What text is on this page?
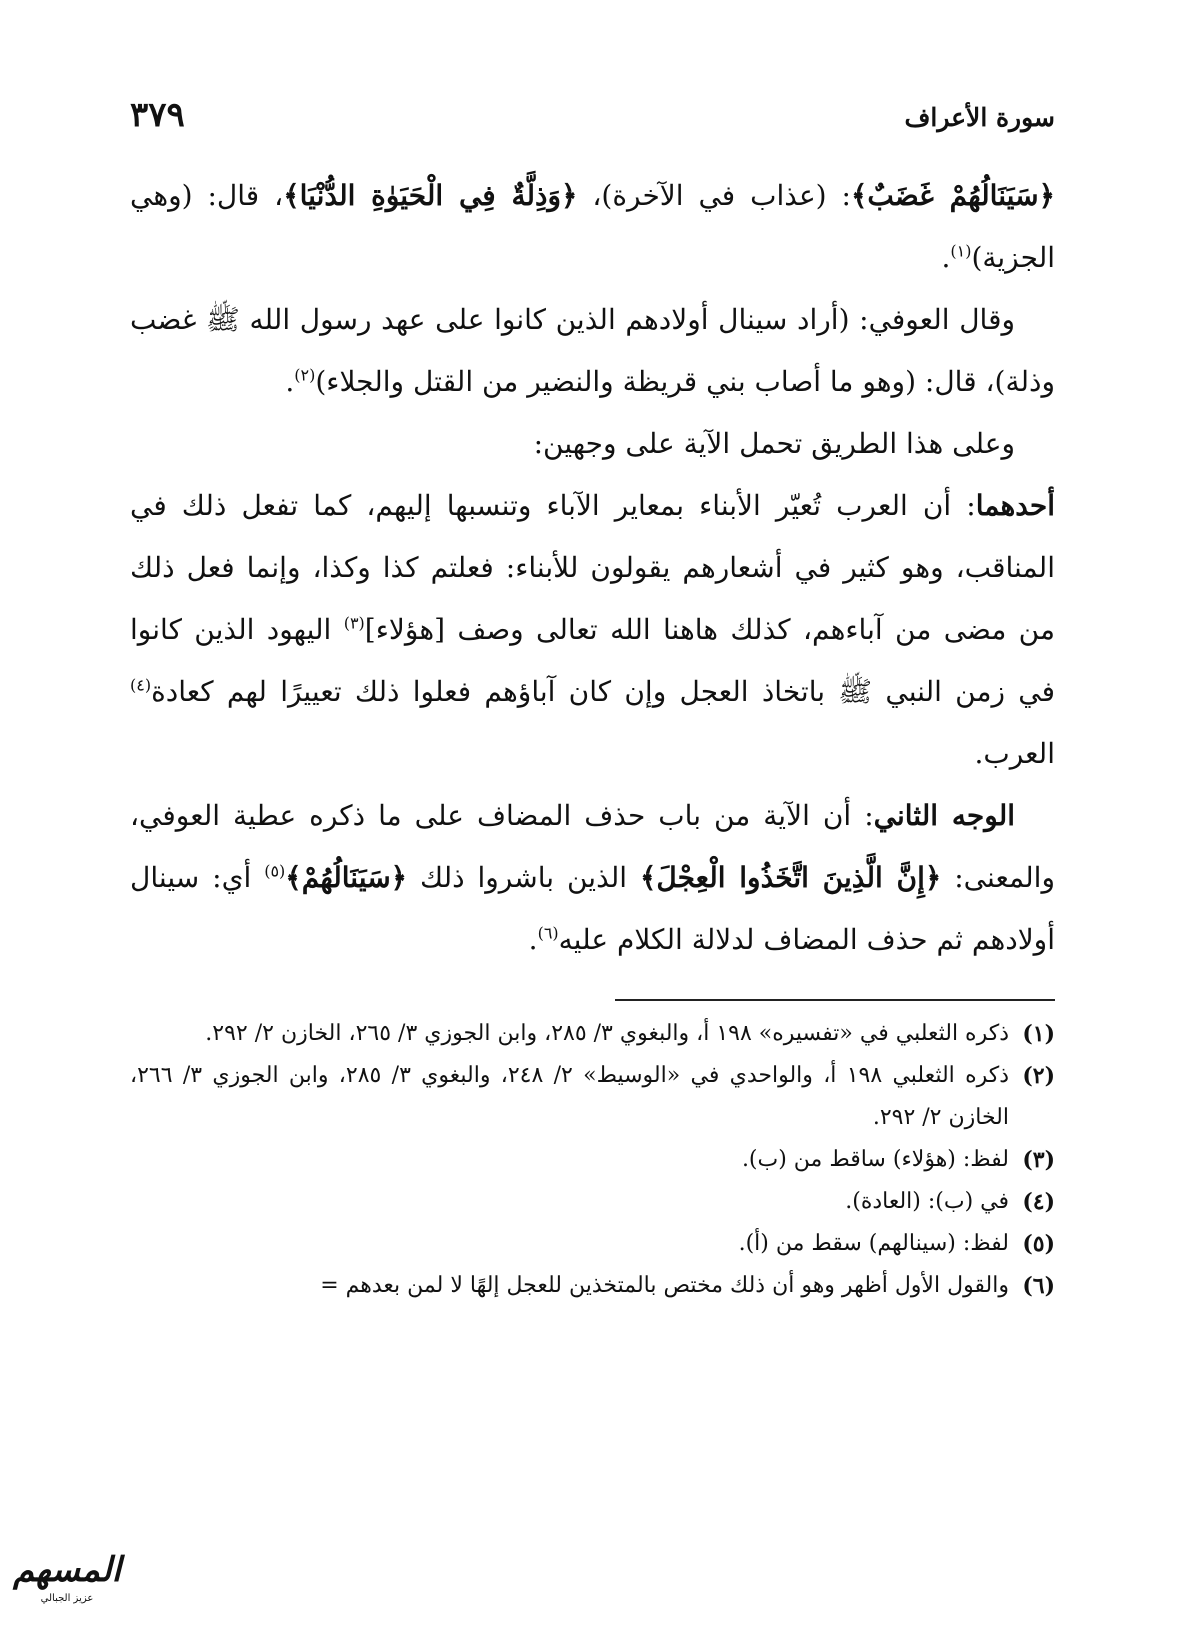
سورة الأعراف
٣٧٩

﴿سَيَنَالُهُمْ غَضَبٌ﴾: (عذاب في الآخرة)، ﴿وَذِلَّةٌ فِي الْحَيَوٰةِ الدُّنْيَا﴾، قال: (وهي الجزية)$^{(١)}$.

وقال العوفي: (أراد سينال أولادهم الذين كانوا على عهد رسول الله ﷺ غضب وذلة)، قال: (وهو ما أصاب بني قريظة والنضير من القتل والجلاء)$^{(٢)}$.

وعلى هذا الطريق تحمل الآية على وجهين:

أحدهما: أن العرب تُعيّر الأبناء بمعاير الآباء وتنسبها إليهم، كما تفعل ذلك في المناقب، وهو كثير في أشعارهم يقولون للأبناء: فعلتم كذا وكذا، وإنما فعل ذلك من مضى من آباءهم، كذلك هاهنا الله تعالى وصف [هؤلاء]$^{(٣)}$ اليهود الذين كانوا في زمن النبي ﷺ باتخاذ العجل وإن كان آباؤهم فعلوا ذلك تعييرًا لهم كعادة$^{(٤)}$ العرب.

الوجه الثاني: أن الآية من باب حذف المضاف على ما ذكره عطية العوفي، والمعنى: ﴿إِنَّ الَّذِينَ اتَّخَذُوا الْعِجْلَ﴾ الذين باشروا ذلك ﴿سَيَنَالُهُمْ﴾$^{(٥)}$ أي: سينال أولادهم ثم حذف المضاف لدلالة الكلام عليه$^{(٦)}$.

(١)
ذكره الثعلبي في «تفسيره» ١٩٨ أ، والبغوي ٣/ ٢٨٥، وابن الجوزي ٣/ ٢٦٥، الخازن ٢/ ٢٩٢.
(٢)
ذكره الثعلبي ١٩٨ أ، والواحدي في «الوسيط» ٢/ ٢٤٨، والبغوي ٣/ ٢٨٥، وابن الجوزي ٣/ ٢٦٦، الخازن ٢/ ٢٩٢.
(٣)
لفظ: (هؤلاء) ساقط من (ب).
(٤)
في (ب): (العادة).
(٥)
لفظ: (سينالهم) سقط من (أ).
(٦)
والقول الأول أظهر وهو أن ذلك مختص بالمتخذين للعجل إلهًا لا لمن بعدهم =
المسهم
عزيز الجبالي
